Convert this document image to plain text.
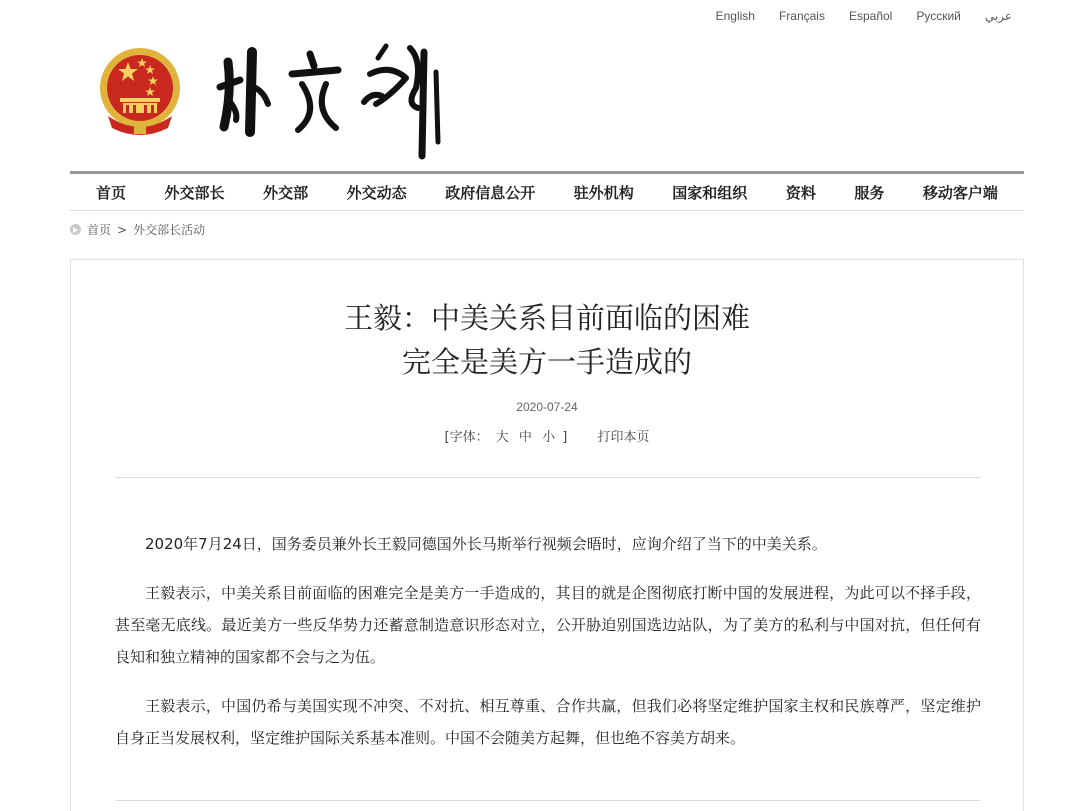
English Français Español Русский عربي
首页	外交部长	外交部	外交动态	政府信息公开	驻外机构	国家和组织	资料	服务	移动客户端
首页 > 外交部长活动
王毅：中美关系目前面临的困难
完全是美方一手造成的
2020-07-24
[字体： 大 中 小 ] 打印本页

2020年7月24日，国务委员兼外长王毅同德国外长马斯举行视频会晤时，应询介绍了当下的中美关系。

王毅表示，中美关系目前面临的困难完全是美方一手造成的，其目的就是企图彻底打断中国的发展进程，为此可以不择手段，甚至毫无底线。最近美方一些反华势力还蓄意制造意识形态对立，公开胁迫别国选边站队，为了美方的私利与中国对抗，但任何有良知和独立精神的国家都不会与之为伍。

王毅表示，中国仍希与美国实现不冲突、不对抗、相互尊重、合作共赢，但我们必将坚定维护国家主权和民族尊严，坚定维护自身正当发展权利，坚定维护国际关系基本准则。中国不会随美方起舞，但也绝不容美方胡来。
